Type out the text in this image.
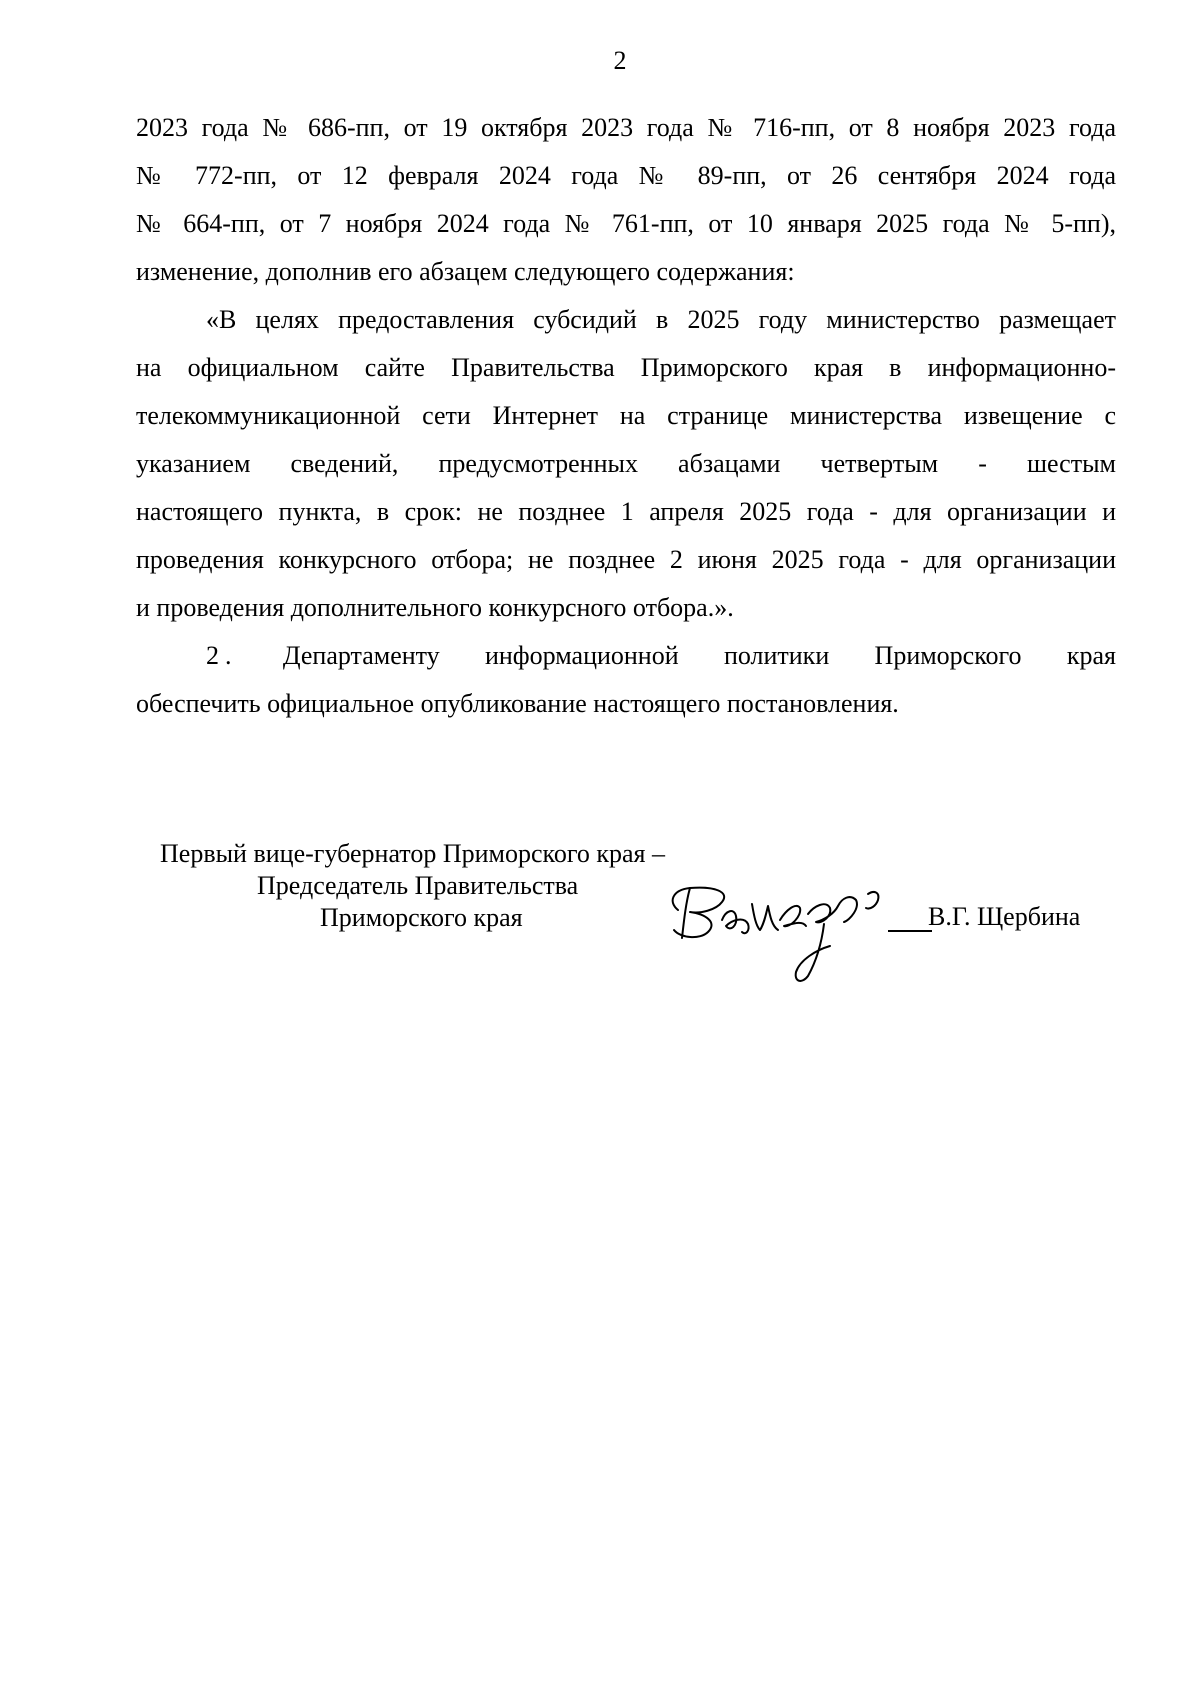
2
2023 года № 686-пп, от 19 октября 2023 года № 716-пп, от 8 ноября 2023 года
№ 772-пп, от 12 февраля 2024 года № 89-пп, от 26 сентября 2024 года
№ 664-пп, от 7 ноября 2024 года № 761-пп, от 10 января 2025 года № 5-пп),
изменение, дополнив его абзацем следующего содержания:
«В целях предоставления субсидий в 2025 году министерство размещает
на официальном сайте Правительства Приморского края в информационно-
телекоммуникационной сети Интернет на странице министерства извещение с
указанием сведений, предусмотренных абзацами четвертым - шестым
настоящего пункта, в срок: не позднее 1 апреля 2025 года - для организации и
проведения конкурсного отбора; не позднее 2 июня 2025 года - для организации
и проведения дополнительного конкурсного отбора.».
2. Департаменту информационной политики Приморского края
обеспечить официальное опубликование настоящего постановления.
Первый вице-губернатор Приморского края –
Председатель Правительства
Приморского края	В.Г. Щербина
